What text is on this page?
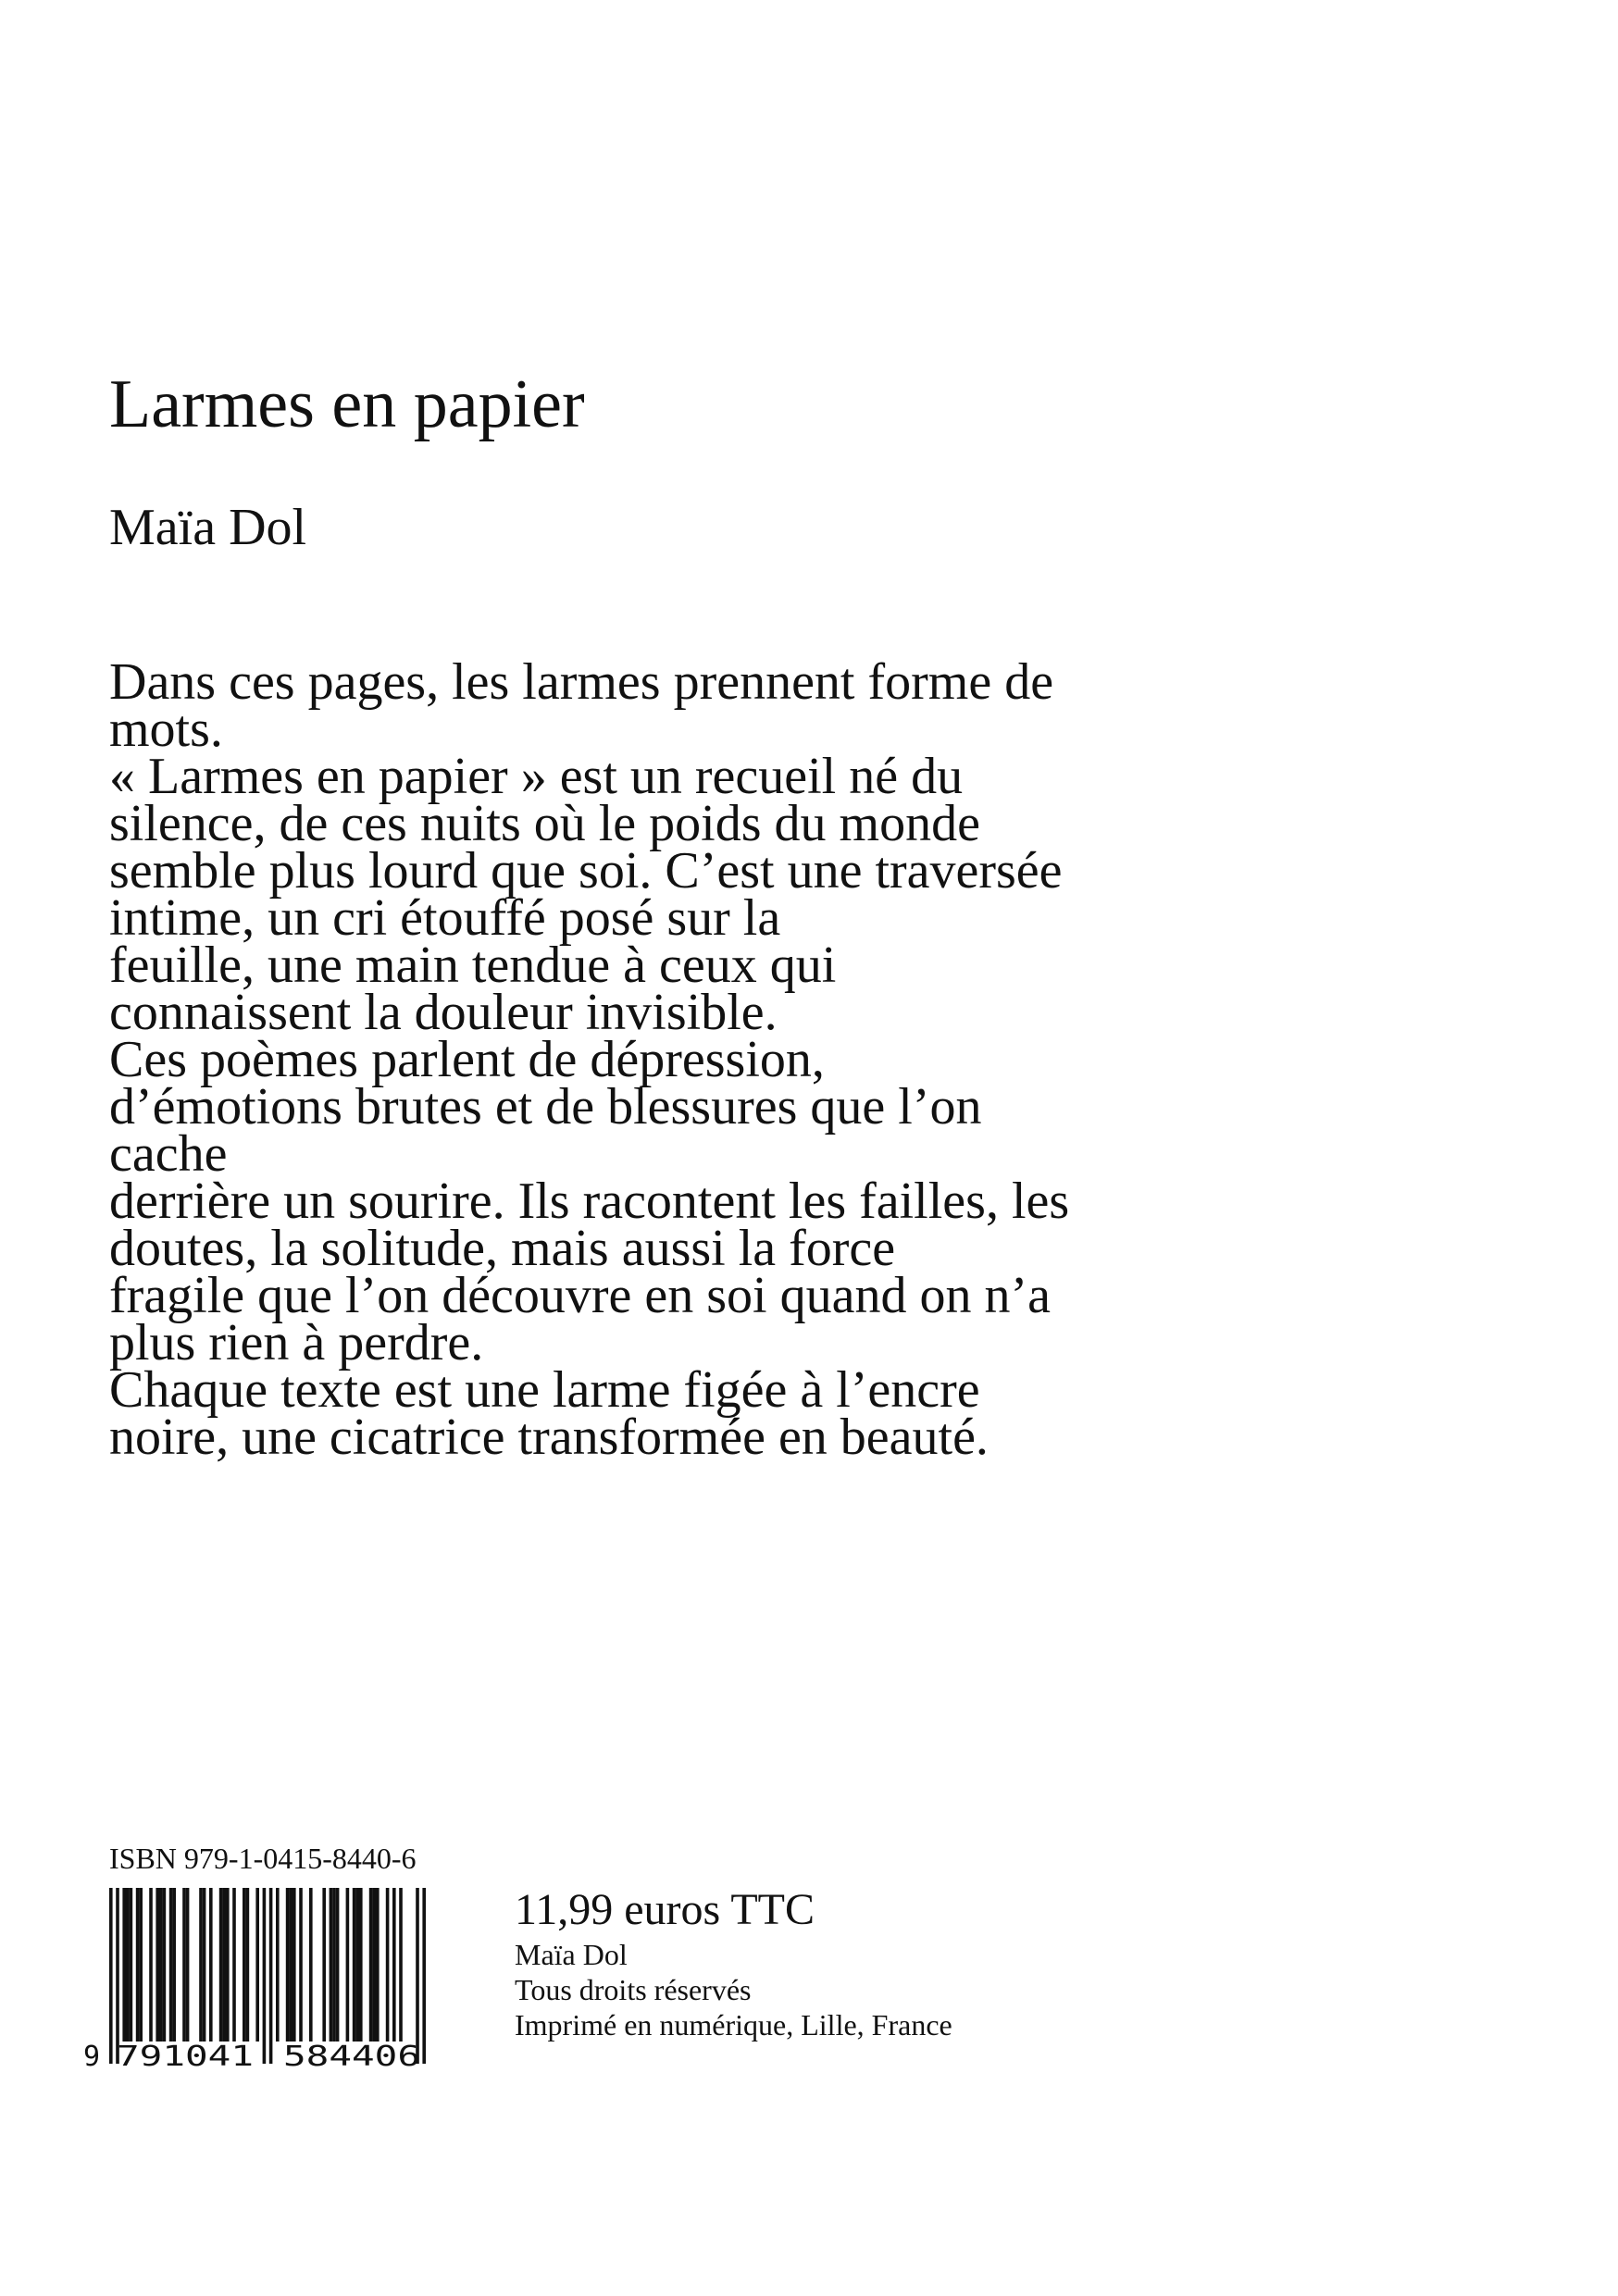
Larmes en papier
Maïa Dol
Dans ces pages, les larmes prennent forme de
mots.
« Larmes en papier » est un recueil né du
silence, de ces nuits où le poids du monde
semble plus lourd que soi. C’est une traversée
intime, un cri étouffé posé sur la
feuille, une main tendue à ceux qui
connaissent la douleur invisible.
Ces poèmes parlent de dépression,
d’émotions brutes et de blessures que l’on
cache
derrière un sourire. Ils racontent les failles, les
doutes, la solitude, mais aussi la force
fragile que l’on découvre en soi quand on n’a
plus rien à perdre.
Chaque texte est une larme figée à l’encre
noire, une cicatrice transformée en beauté.
ISBN 979-1-0415-8440-6
9 791041 584406
11,99 euros TTC
Maïa Dol
Tous droits réservés
Imprimé en numérique, Lille, France
